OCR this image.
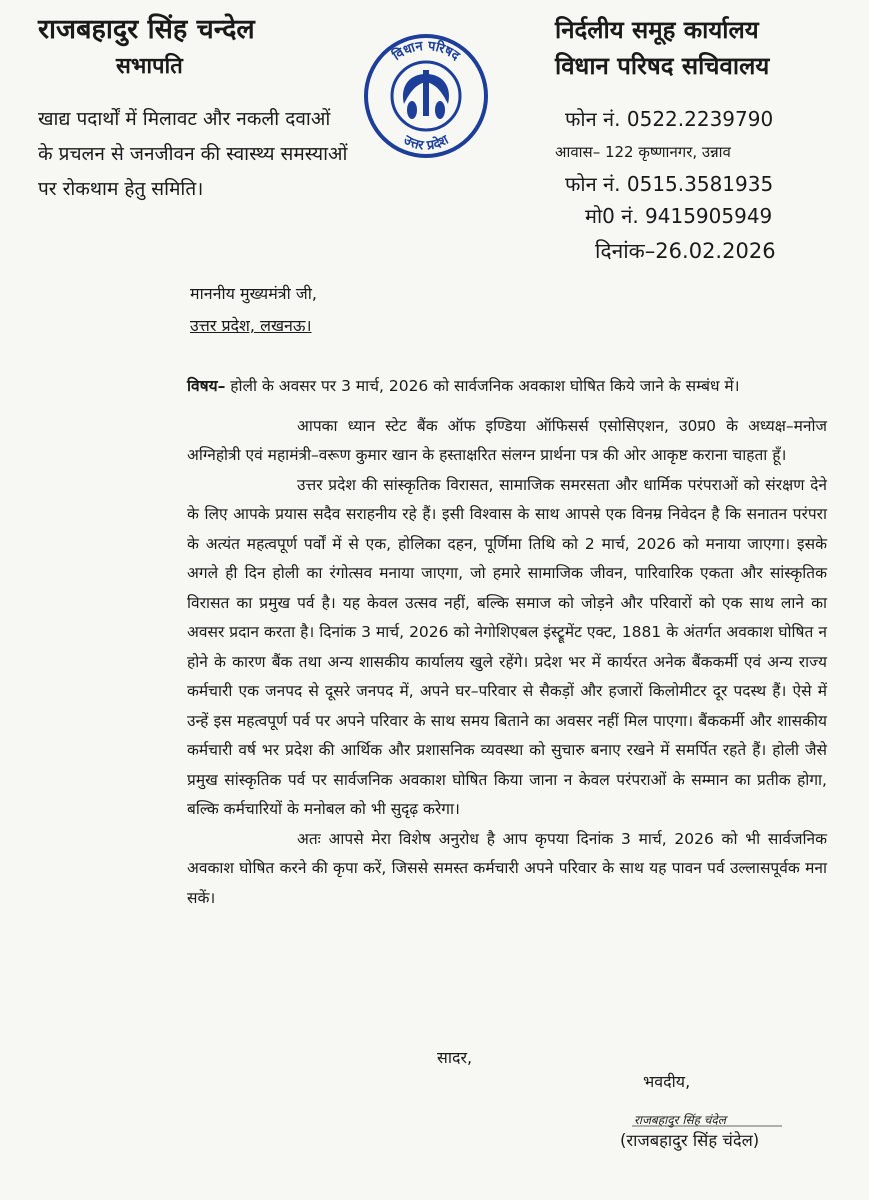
राजबहादुर सिंह चन्देल
सभापति
खाद्य पदार्थों में मिलावट और नकली दवाओं के प्रचलन से जनजीवन की स्वास्थ्य समस्याओं पर रोकथाम हेतु समिति।
विधान परिषद
उत्तर प्रदेश
निर्दलीय समूह कार्यालय
विधान परिषद सचिवालय
फोन नं. 0522.2239790
आवास– 122 कृष्णानगर, उन्नाव
फोन नं. 0515.3581935
मो0 नं. 9415905949
दिनांक–26.02.2026
माननीय मुख्यमंत्री जी,
उत्तर प्रदेश, लखनऊ।

विषय– होली के अवसर पर 3 मार्च, 2026 को सार्वजनिक अवकाश घोषित किये जाने के सम्बंध में।

आपका ध्यान स्टेट बैंक ऑफ इण्डिया ऑफिसर्स एसोसिएशन, उ0प्र0 के अध्यक्ष–मनोज अग्निहोत्री एवं महामंत्री–वरूण कुमार खान के हस्ताक्षरित संलग्न प्रार्थना पत्र की ओर आकृष्ट कराना चाहता हूँ।

उत्तर प्रदेश की सांस्कृतिक विरासत, सामाजिक समरसता और धार्मिक परंपराओं को संरक्षण देने के लिए आपके प्रयास सदैव सराहनीय रहे हैं। इसी विश्वास के साथ आपसे एक विनम्र निवेदन है कि सनातन परंपरा के अत्यंत महत्वपूर्ण पर्वों में से एक, होलिका दहन, पूर्णिमा तिथि को 2 मार्च, 2026 को मनाया जाएगा। इसके अगले ही दिन होली का रंगोत्सव मनाया जाएगा, जो हमारे सामाजिक जीवन, पारिवारिक एकता और सांस्कृतिक विरासत का प्रमुख पर्व है। यह केवल उत्सव नहीं, बल्कि समाज को जोड़ने और परिवारों को एक साथ लाने का अवसर प्रदान करता है। दिनांक 3 मार्च, 2026 को नेगोशिएबल इंस्ट्रूमेंट एक्ट, 1881 के अंतर्गत अवकाश घोषित न होने के कारण बैंक तथा अन्य शासकीय कार्यालय खुले रहेंगे। प्रदेश भर में कार्यरत अनेक बैंककर्मी एवं अन्य राज्य कर्मचारी एक जनपद से दूसरे जनपद में, अपने घर–परिवार से सैकड़ों और हजारों किलोमीटर दूर पदस्थ हैं। ऐसे में उन्हें इस महत्वपूर्ण पर्व पर अपने परिवार के साथ समय बिताने का अवसर नहीं मिल पाएगा। बैंककर्मी और शासकीय कर्मचारी वर्ष भर प्रदेश की आर्थिक और प्रशासनिक व्यवस्था को सुचारु बनाए रखने में समर्पित रहते हैं। होली जैसे प्रमुख सांस्कृतिक पर्व पर सार्वजनिक अवकाश घोषित किया जाना न केवल परंपराओं के सम्मान का प्रतीक होगा, बल्कि कर्मचारियों के मनोबल को भी सुदृढ़ करेगा।

अतः आपसे मेरा विशेष अनुरोध है आप कृपया दिनांक 3 मार्च, 2026 को भी सार्वजनिक अवकाश घोषित करने की कृपा करें, जिससे समस्त कर्मचारी अपने परिवार के साथ यह पावन पर्व उल्लासपूर्वक मना सकें।

सादर,
भवदीय,
राजबहादुर सिंह चंदेल
(राजबहादुर सिंह चंदेल)
